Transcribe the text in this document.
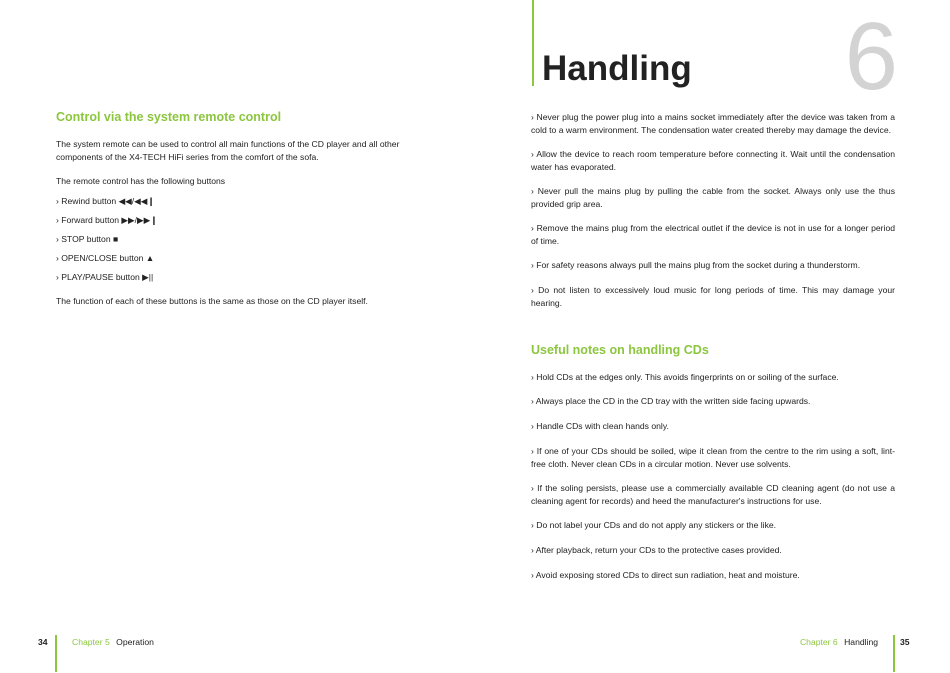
Control via the system remote control

The system remote can be used to control all main functions of the CD player and all other components of the X4-TECH HiFi series from the comfort of the sofa.

The remote control has the following buttons

› Rewind button ◀◀/◀◀❙

› Forward button ▶▶/▶▶❙

› STOP button ■

› OPEN/CLOSE button ▲

› PLAY/PAUSE button ▶||

The function of each of these buttons is the same as those on the CD player itself.

6
Handling

› Never plug the power plug into a mains socket immediately after the device was taken from a cold to a warm environment. The condensation water created thereby may damage the device.

› Allow the device to reach room temperature before connecting it. Wait until the condensation water has evaporated.

› Never pull the mains plug by pulling the cable from the socket. Always only use the thus provided grip area.

› Remove the mains plug from the electrical outlet if the device is not in use for a longer period of time.

› For safety reasons always pull the mains plug from the socket during a thunderstorm.

› Do not listen to excessively loud music for long periods of time. This may damage your hearing.

Useful notes on handling CDs

› Hold CDs at the edges only. This avoids fingerprints on or soiling of the surface.

› Always place the CD in the CD tray with the written side facing upwards.

› Handle CDs with clean hands only.

› If one of your CDs should be soiled, wipe it clean from the centre to the rim using a soft, lint-free cloth. Never clean CDs in a circular motion. Never use solvents.

› If the soling persists, please use a commercially available CD cleaning agent (do not use a cleaning agent for records) and heed the manufacturer's instructions for use.

› Do not label your CDs and do not apply any stickers or the like.

› After playback, return your CDs to the protective cases provided.

› Avoid exposing stored CDs to direct sun radiation, heat and moisture.

34	Chapter 5 Operation	Chapter 6 Handling	35
